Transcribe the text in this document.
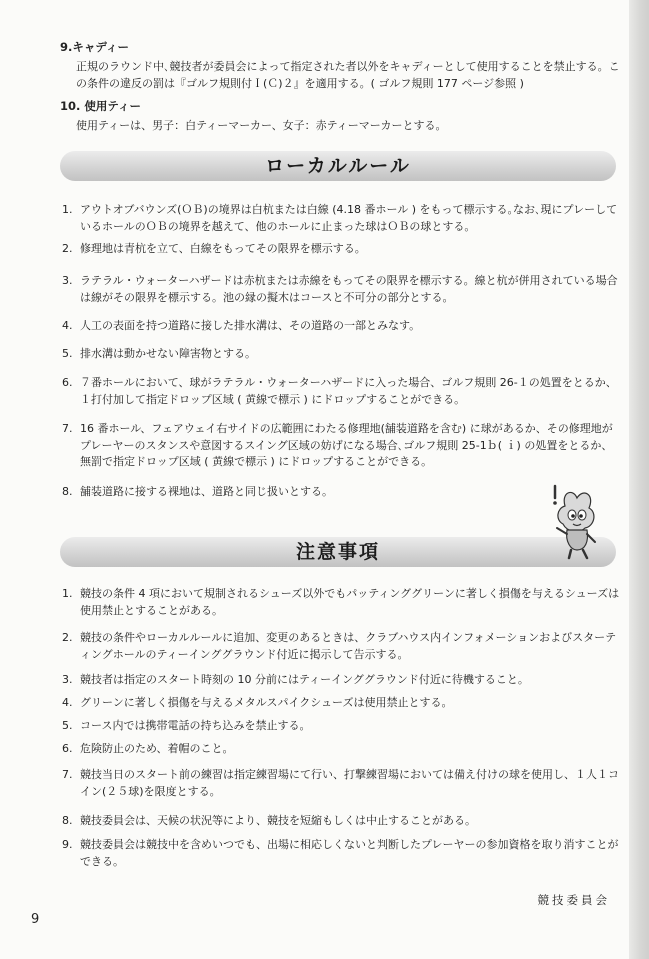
9.キャディー
正規のラウンド中､競技者が委員会によって指定された者以外をキャディーとして使用することを禁止する。この条件の違反の罰は『ゴルフ規則付Ｉ(Ｃ)２』を適用する。( ゴルフ規則 177 ページ参照 )
10. 使用ティー
使用ティーは、男子：白ティーマーカー、女子：赤ティーマーカーとする。
ローカルルール
1. アウトオブバウンズ(ＯＢ)の境界は白杭または白線 (4.18 番ホール ) をもって標示する｡なお､現にプレーしているホールのＯＢの境界を越えて、他のホールに止まった球はＯＢの球とする。
2. 修理地は青杭を立て、白線をもってその限界を標示する。
3. ラテラル・ウォーターハザードは赤杭または赤線をもってその限界を標示する。線と杭が併用されている場合は線がその限界を標示する。池の縁の擬木はコースと不可分の部分とする。
4. 人工の表面を持つ道路に接した排水溝は、その道路の一部とみなす。
5. 排水溝は動かせない障害物とする。
6. ７番ホールにおいて、球がラテラル・ウォーターハザードに入った場合、ゴルフ規則 26-１の処置をとるか、１打付加して指定ドロップ区域 ( 黄線で標示 ) にドロップすることができる。
7. 16 番ホール、フェアウェイ右サイドの広範囲にわたる修理地(舗装道路を含む) に球があるか、その修理地がプレーヤーのスタンスや意図するスイング区域の妨げになる場合､ゴルフ規則 25-1ｂ( ｉ) の処置をとるか、無罰で指定ドロップ区域 ( 黄線で標示 ) にドロップすることができる。
8. 舗装道路に接する裸地は、道路と同じ扱いとする。
注意事項
1. 競技の条件 4 項において規制されるシューズ以外でもパッティンググリーンに著しく損傷を与えるシューズは使用禁止とすることがある。
2. 競技の条件やローカルルールに追加、変更のあるときは、クラブハウス内インフォメーションおよびスターティングホールのティーインググラウンド付近に掲示して告示する。
3. 競技者は指定のスタート時刻の 10 分前にはティーインググラウンド付近に待機すること。
4. グリーンに著しく損傷を与えるメタルスパイクシューズは使用禁止とする。
5. コース内では携帯電話の持ち込みを禁止する。
6. 危険防止のため、着帽のこと。
7. 競技当日のスタート前の練習は指定練習場にて行い、打撃練習場においては備え付けの球を使用し、１人１コイン(２５球)を限度とする。
8. 競技委員会は、天候の状況等により、競技を短縮もしくは中止することがある。
9. 競技委員会は競技中を含めいつでも、出場に相応しくないと判断したプレーヤーの参加資格を取り消すことができる。
競技委員会
9
